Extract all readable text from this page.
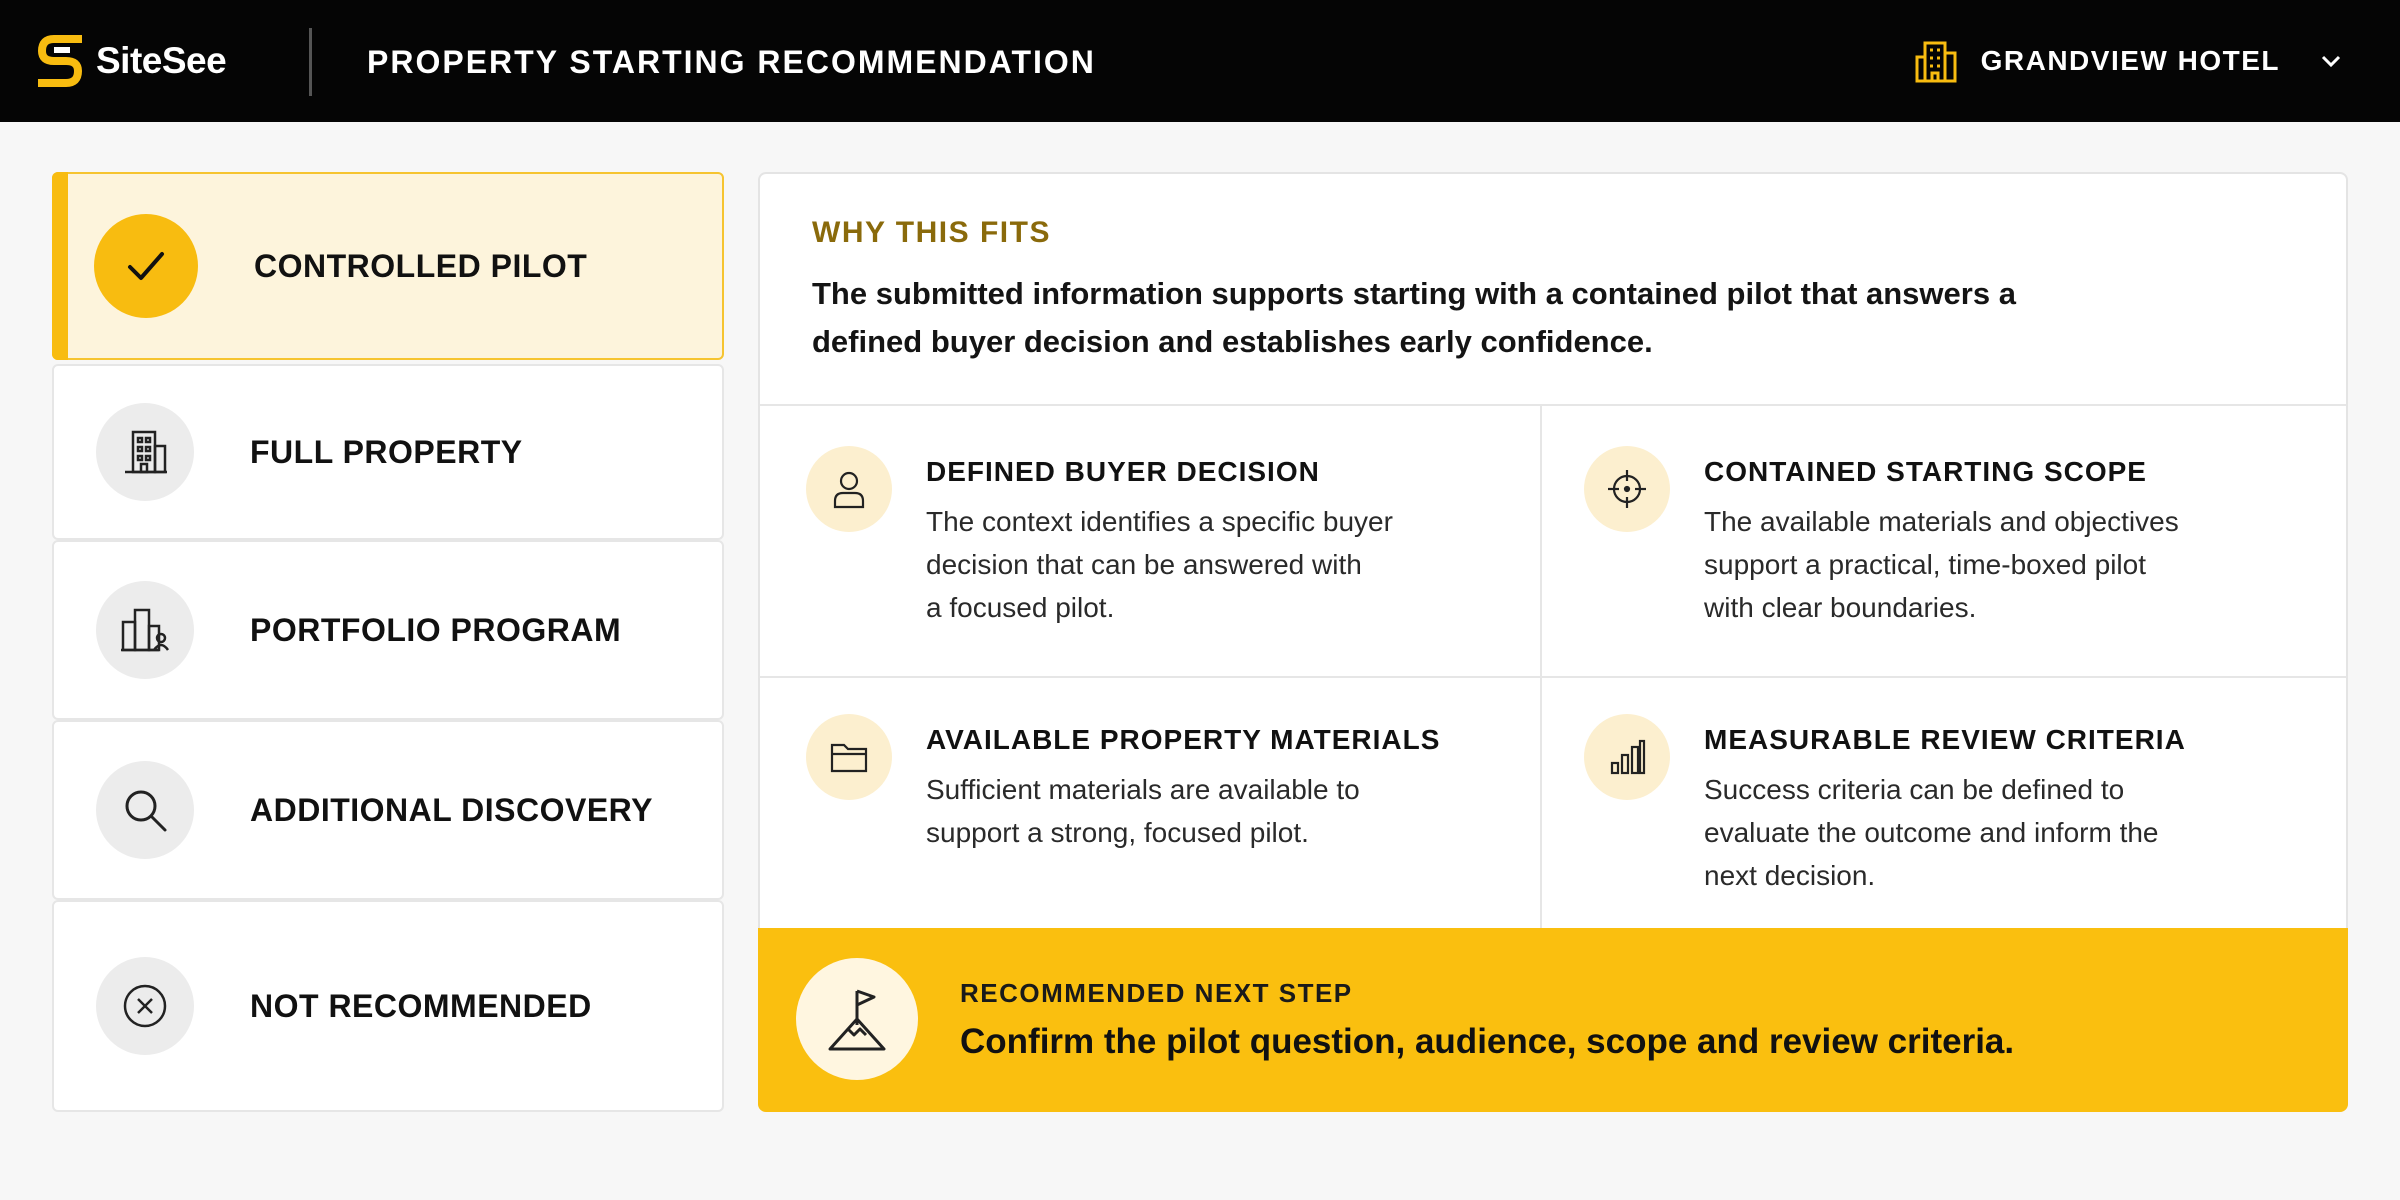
SiteSee	PROPERTY STARTING RECOMMENDATION	GRANDVIEW HOTEL
CONTROLLED PILOT
FULL PROPERTY
PORTFOLIO PROGRAM
ADDITIONAL DISCOVERY
NOT RECOMMENDED
WHY THIS FITS
The submitted information supports starting with a contained pilot that answers a defined buyer decision and establishes early confidence.
DEFINED BUYER DECISION
The context identifies a specific buyer
decision that can be answered with
a focused pilot.
CONTAINED STARTING SCOPE
The available materials and objectives
support a practical, time-boxed pilot
with clear boundaries.
AVAILABLE PROPERTY MATERIALS
Sufficient materials are available to
support a strong, focused pilot.
MEASURABLE REVIEW CRITERIA
Success criteria can be defined to
evaluate the outcome and inform the
next decision.
RECOMMENDED NEXT STEP
Confirm the pilot question, audience, scope and review criteria.
